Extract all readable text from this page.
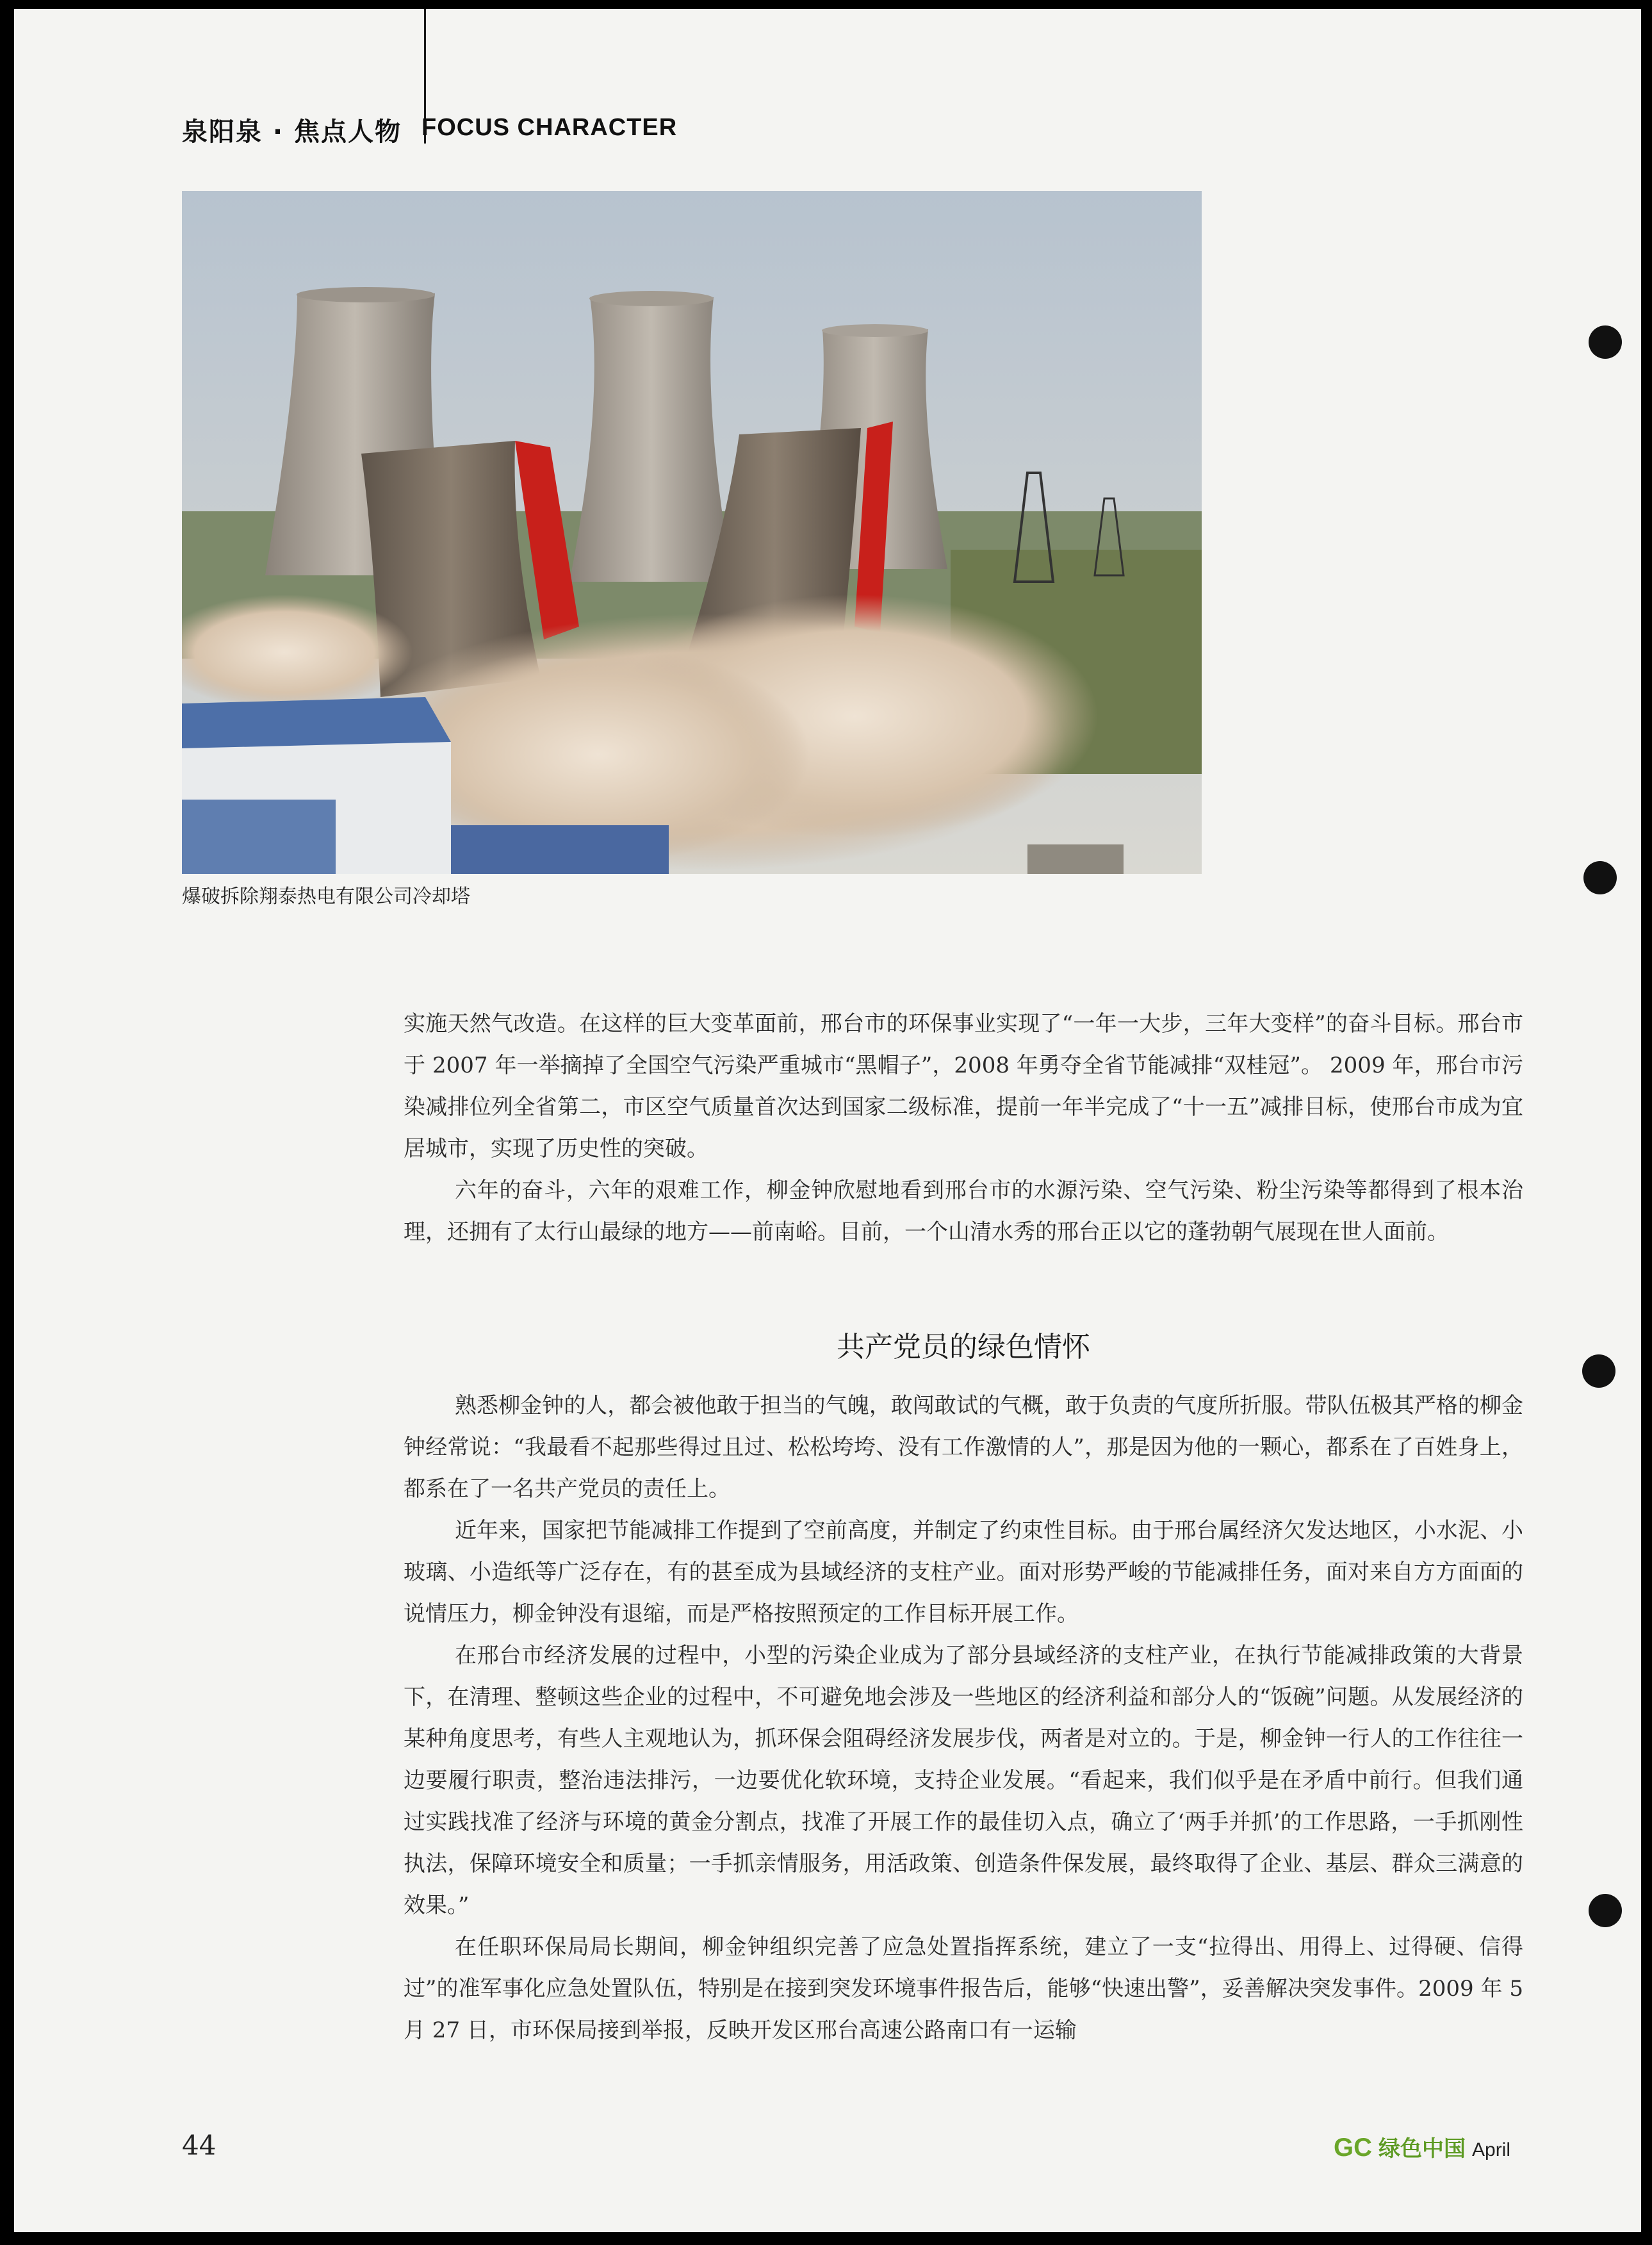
泉阳泉 · 焦点人物 FOCUS CHARACTER
爆破拆除翔泰热电有限公司冷却塔

实施天然气改造。在这样的巨大变革面前，邢台市的环保事业实现了“一年一大步，三年大变样”的奋斗目标。邢台市于 2007 年一举摘掉了全国空气污染严重城市“黑帽子”，2008 年勇夺全省节能减排“双桂冠”。 2009 年，邢台市污染减排位列全省第二，市区空气质量首次达到国家二级标准，提前一年半完成了“十一五”减排目标，使邢台市成为宜居城市，实现了历史性的突破。

六年的奋斗，六年的艰难工作，柳金钟欣慰地看到邢台市的水源污染、空气污染、粉尘污染等都得到了根本治理，还拥有了太行山最绿的地方——前南峪。目前，一个山清水秀的邢台正以它的蓬勃朝气展现在世人面前。

共产党员的绿色情怀

熟悉柳金钟的人，都会被他敢于担当的气魄，敢闯敢试的气概，敢于负责的气度所折服。带队伍极其严格的柳金钟经常说：“我最看不起那些得过且过、松松垮垮、没有工作激情的人”，那是因为他的一颗心，都系在了百姓身上，都系在了一名共产党员的责任上。

近年来，国家把节能减排工作提到了空前高度，并制定了约束性目标。由于邢台属经济欠发达地区，小水泥、小玻璃、小造纸等广泛存在，有的甚至成为县域经济的支柱产业。面对形势严峻的节能减排任务，面对来自方方面面的说情压力，柳金钟没有退缩，而是严格按照预定的工作目标开展工作。

在邢台市经济发展的过程中，小型的污染企业成为了部分县域经济的支柱产业，在执行节能减排政策的大背景下，在清理、整顿这些企业的过程中，不可避免地会涉及一些地区的经济利益和部分人的“饭碗”问题。从发展经济的某种角度思考，有些人主观地认为，抓环保会阻碍经济发展步伐，两者是对立的。于是，柳金钟一行人的工作往往一边要履行职责，整治违法排污，一边要优化软环境，支持企业发展。“看起来，我们似乎是在矛盾中前行。但我们通过实践找准了经济与环境的黄金分割点，找准了开展工作的最佳切入点，确立了‘两手并抓’的工作思路，一手抓刚性执法，保障环境安全和质量；一手抓亲情服务，用活政策、创造条件保发展，最终取得了企业、基层、群众三满意的效果。”

在任职环保局局长期间，柳金钟组织完善了应急处置指挥系统，建立了一支“拉得出、用得上、过得硬、信得过”的准军事化应急处置队伍，特别是在接到突发环境事件报告后，能够“快速出警”，妥善解决突发事件。2009 年 5 月 27 日，市环保局接到举报，反映开发区邢台高速公路南口有一运输

44	GC 绿色中国 April
